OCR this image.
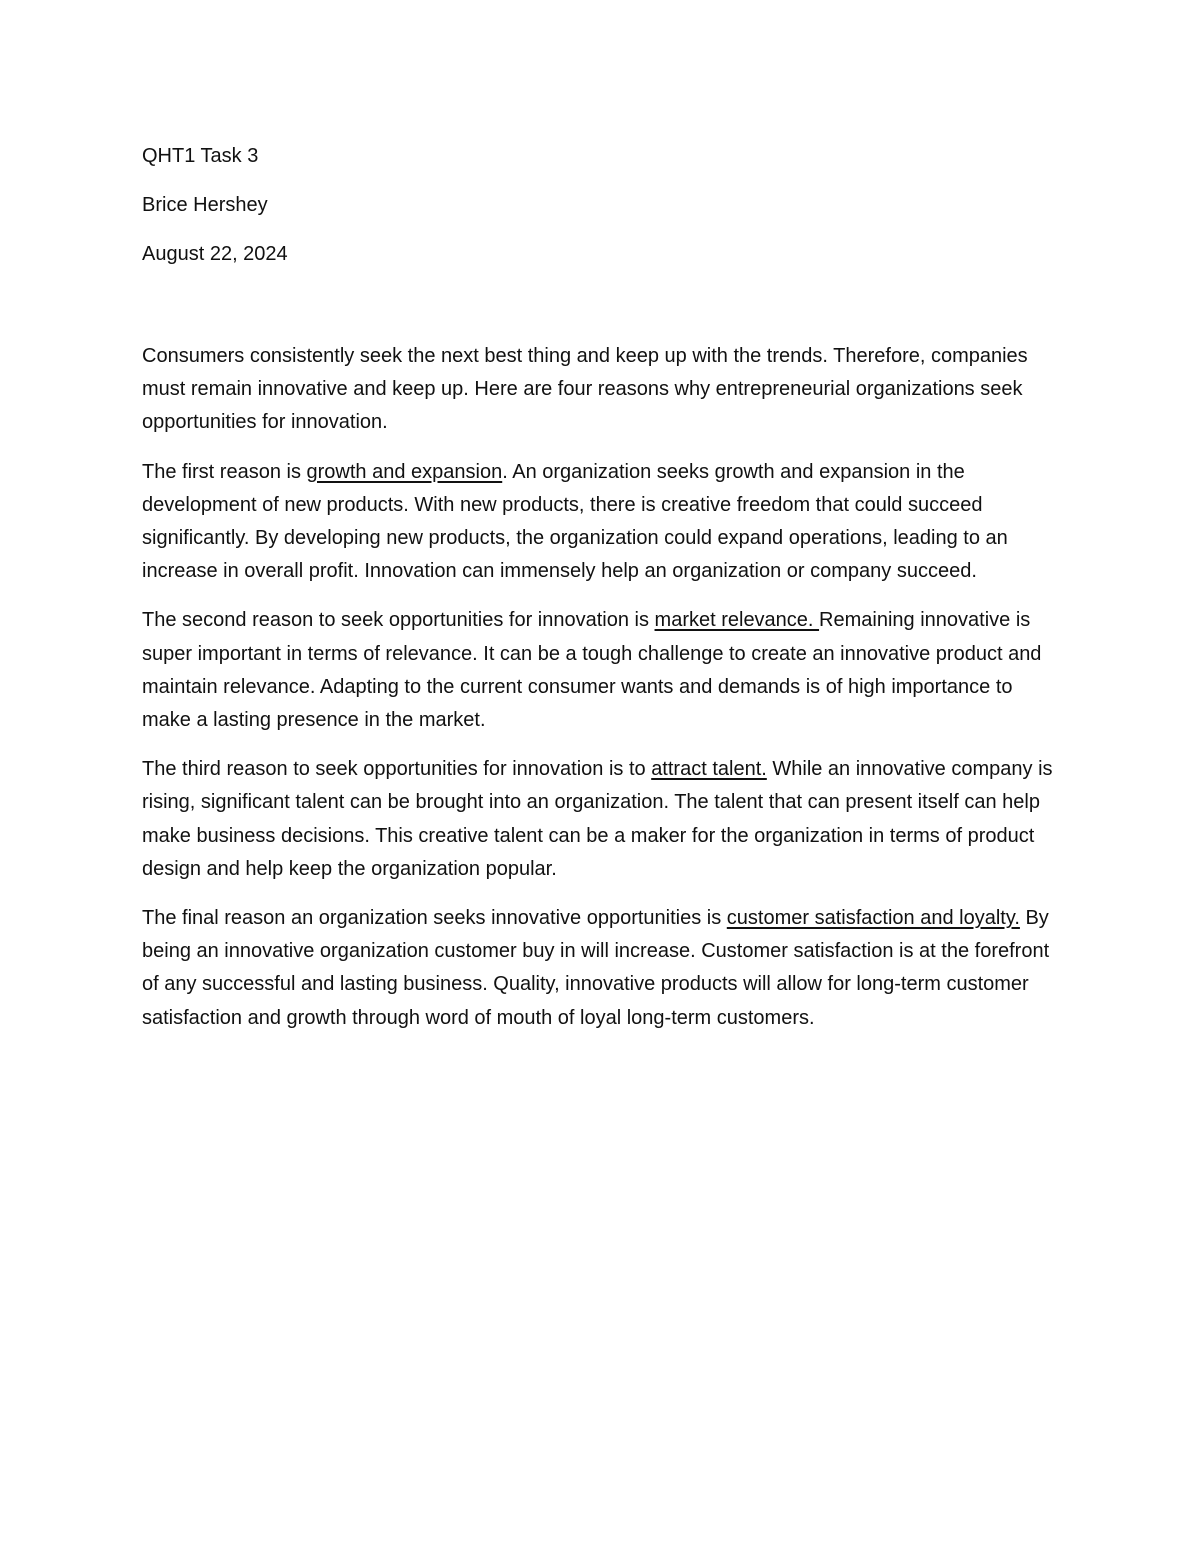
QHT1 Task 3
Brice Hershey
August 22, 2024

Consumers consistently seek the next best thing and keep up with the trends. Therefore, companies must remain innovative and keep up. Here are four reasons why entrepreneurial organizations seek opportunities for innovation.

The first reason is growth and expansion. An organization seeks growth and expansion in the development of new products. With new products, there is creative freedom that could succeed significantly. By developing new products, the organization could expand operations, leading to an increase in overall profit. Innovation can immensely help an organization or company succeed.

The second reason to seek opportunities for innovation is market relevance. Remaining innovative is super important in terms of relevance. It can be a tough challenge to create an innovative product and maintain relevance. Adapting to the current consumer wants and demands is of high importance to make a lasting presence in the market.

The third reason to seek opportunities for innovation is to attract talent. While an innovative company is rising, significant talent can be brought into an organization. The talent that can present itself can help make business decisions. This creative talent can be a maker for the organization in terms of product design and help keep the organization popular.

The final reason an organization seeks innovative opportunities is customer satisfaction and loyalty. By being an innovative organization customer buy in will increase. Customer satisfaction is at the forefront of any successful and lasting business. Quality, innovative products will allow for long-term customer satisfaction and growth through word of mouth of loyal long-term customers.
